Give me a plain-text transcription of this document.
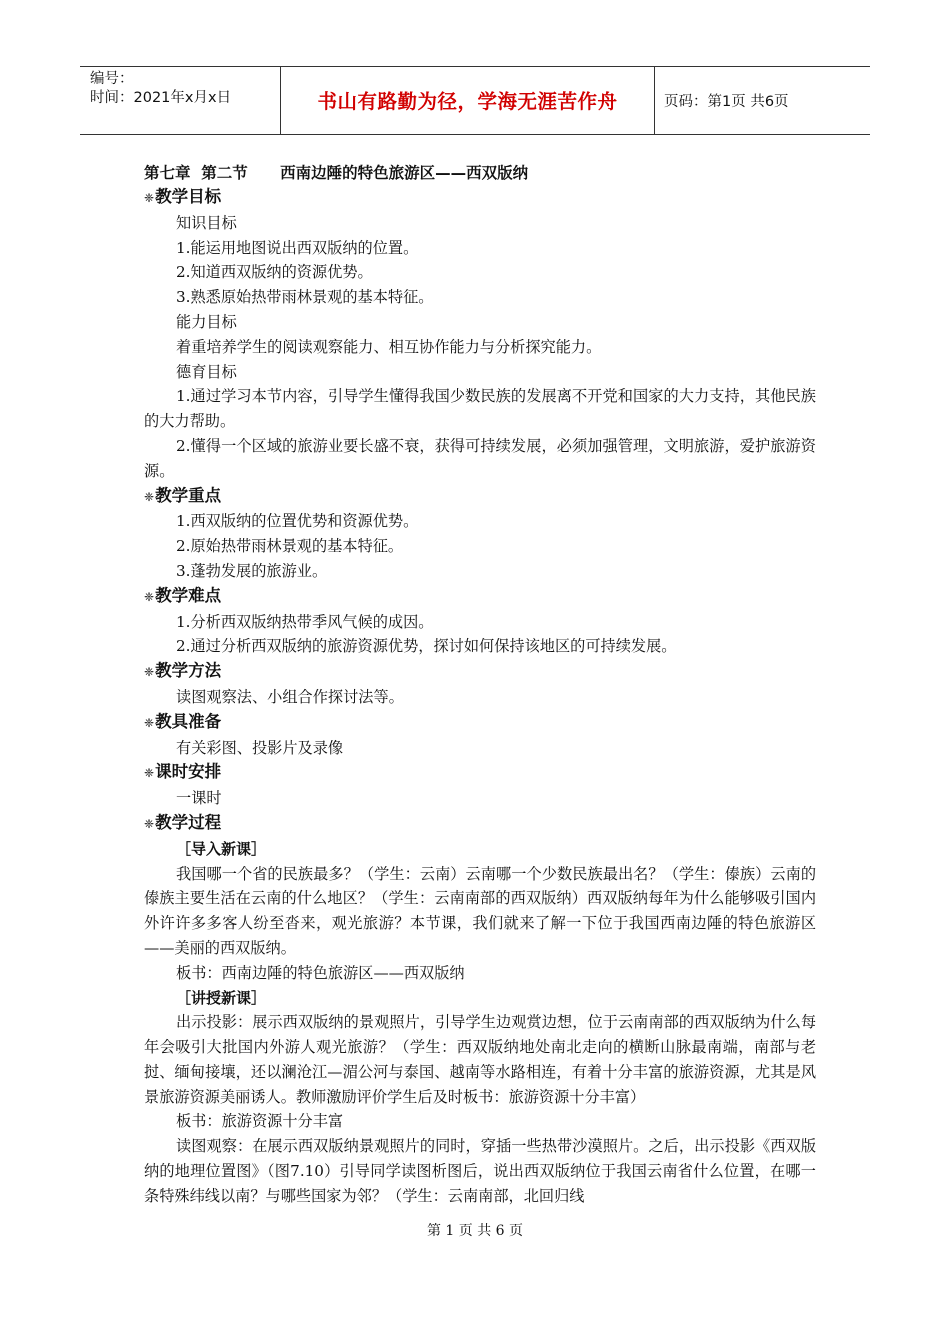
编号：
时间：2021年x月x日	书山有路勤为径，学海无涯苦作舟	页码：第1页 共6页
第七章  第二节      西南边陲的特色旅游区——西双版纳
❈教学目标
知识目标
1.能运用地图说出西双版纳的位置。
2.知道西双版纳的资源优势。
3.熟悉原始热带雨林景观的基本特征。
能力目标
着重培养学生的阅读观察能力、相互协作能力与分析探究能力。
德育目标
1.通过学习本节内容，引导学生懂得我国少数民族的发展离不开党和国家的大力支持，其他民族的大力帮助。
2.懂得一个区域的旅游业要长盛不衰，获得可持续发展，必须加强管理，文明旅游，爱护旅游资源。
❈教学重点
1.西双版纳的位置优势和资源优势。
2.原始热带雨林景观的基本特征。
3.蓬勃发展的旅游业。
❈教学难点
1.分析西双版纳热带季风气候的成因。
2.通过分析西双版纳的旅游资源优势，探讨如何保持该地区的可持续发展。
❈教学方法
读图观察法、小组合作探讨法等。
❈教具准备
有关彩图、投影片及录像
❈课时安排
一课时
❈教学过程
［导入新课］
我国哪一个省的民族最多？（学生：云南）云南哪一个少数民族最出名？（学生：傣族）云南的傣族主要生活在云南的什么地区？（学生：云南南部的西双版纳）西双版纳每年为什么能够吸引国内外许许多多客人纷至沓来，观光旅游？本节课，我们就来了解一下位于我国西南边陲的特色旅游区——美丽的西双版纳。
板书：西南边陲的特色旅游区——西双版纳
［讲授新课］
出示投影：展示西双版纳的景观照片，引导学生边观赏边想，位于云南南部的西双版纳为什么每年会吸引大批国内外游人观光旅游？（学生：西双版纳地处南北走向的横断山脉最南端，南部与老挝、缅甸接壤，还以澜沧江—湄公河与泰国、越南等水路相连，有着十分丰富的旅游资源，尤其是风景旅游资源美丽诱人。教师激励评价学生后及时板书：旅游资源十分丰富）
板书：旅游资源十分丰富
读图观察：在展示西双版纳景观照片的同时，穿插一些热带沙漠照片。之后，出示投影《西双版纳的地理位置图》（图7.10）引导同学读图析图后，说出西双版纳位于我国云南省什么位置，在哪一条特殊纬线以南？与哪些国家为邻？（学生：云南南部，北回归线
第 1 页 共 6 页
